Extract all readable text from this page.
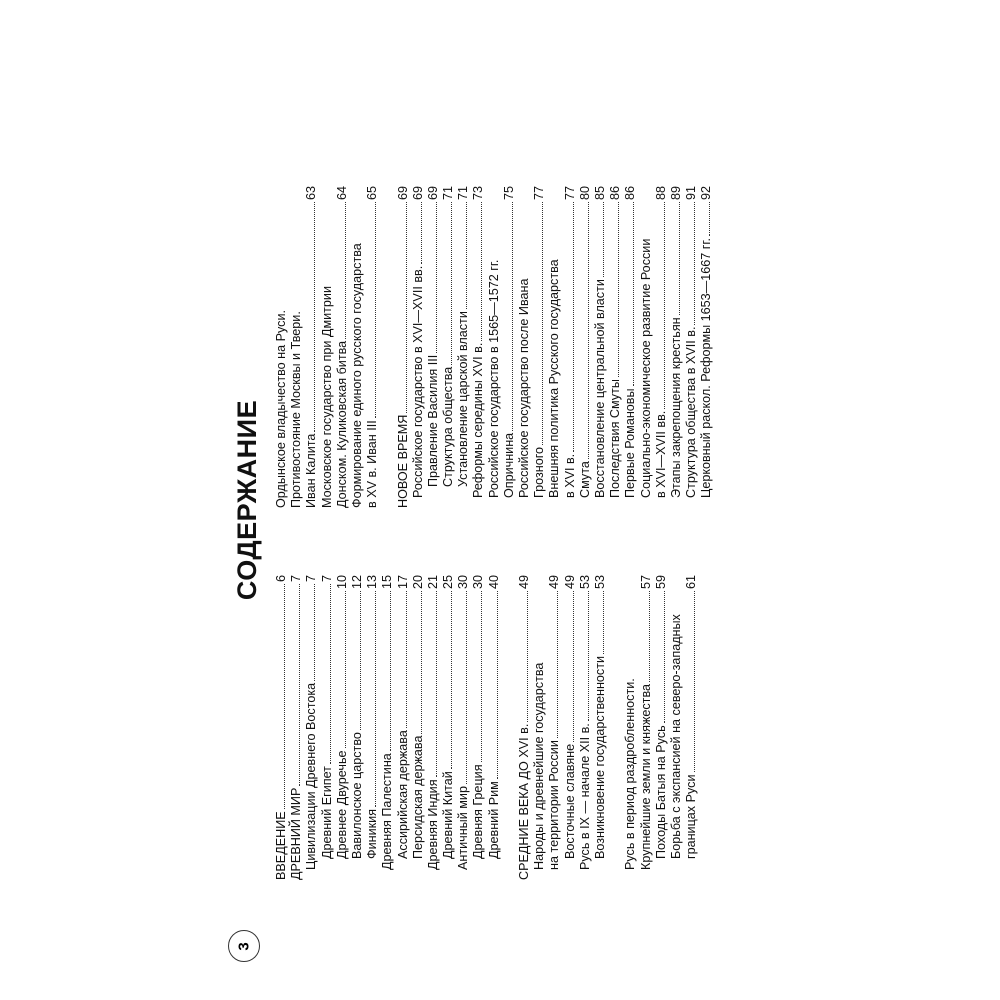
СОДЕРЖАНИЕ
ВВЕДЕНИЕ
6
ДРЕВНИЙ МИР
7
Цивилизации Древнего Востока
7
Древний Египет
7
Древнее Двуречье
10
Вавилонское царство
12
Финикия
13
Древняя Палестина
15
Ассирийская держава
17
Персидская держава
20
Древняя Индия
21
Древний Китай
25
Античный мир
30
Древняя Греция
30
Древний Рим
40
СРЕДНИЕ ВЕКА ДО XVI в.
49
Народы и древнейшие государства на территории России
49
Восточные славяне
49
Русь в IX — начале XII в.
53
Возникновение государственности
53
Русь в период раздробленности. Крупнейшие земли и княжества
57
Походы Батыя на Русь
59
Борьба с экспансией на северо-западных границах Руси
61
Ордынское владычество на Руси. Противостояние Москвы и Твери. Иван Калита
63
Московское государство при Дмитрии Донском. Куликовская битва
64
Формирование единого русского государства в XV в. Иван III
65
НОВОЕ ВРЕМЯ
69
Российское государство в XVI—XVII вв.
69
Правление Василия III
69
Структура общества
71
Установление царской власти
71
Реформы середины XVI в.
73
Российское государство в 1565—1572 гг. Опричнина
75
Российское государство после Ивана Грозного
77
Внешняя политика Русского государства в XVI в.
77
Смута
80
Восстановление центральной власти
85
Последствия Смуты
86
Первые Романовы
86
Социально-экономическое развитие России в XVI—XVII вв.
88
Этапы закрепощения крестьян
89
Структура общества в XVII в.
91
Церковный раскол. Реформы 1653—1667 гг.
92
3
